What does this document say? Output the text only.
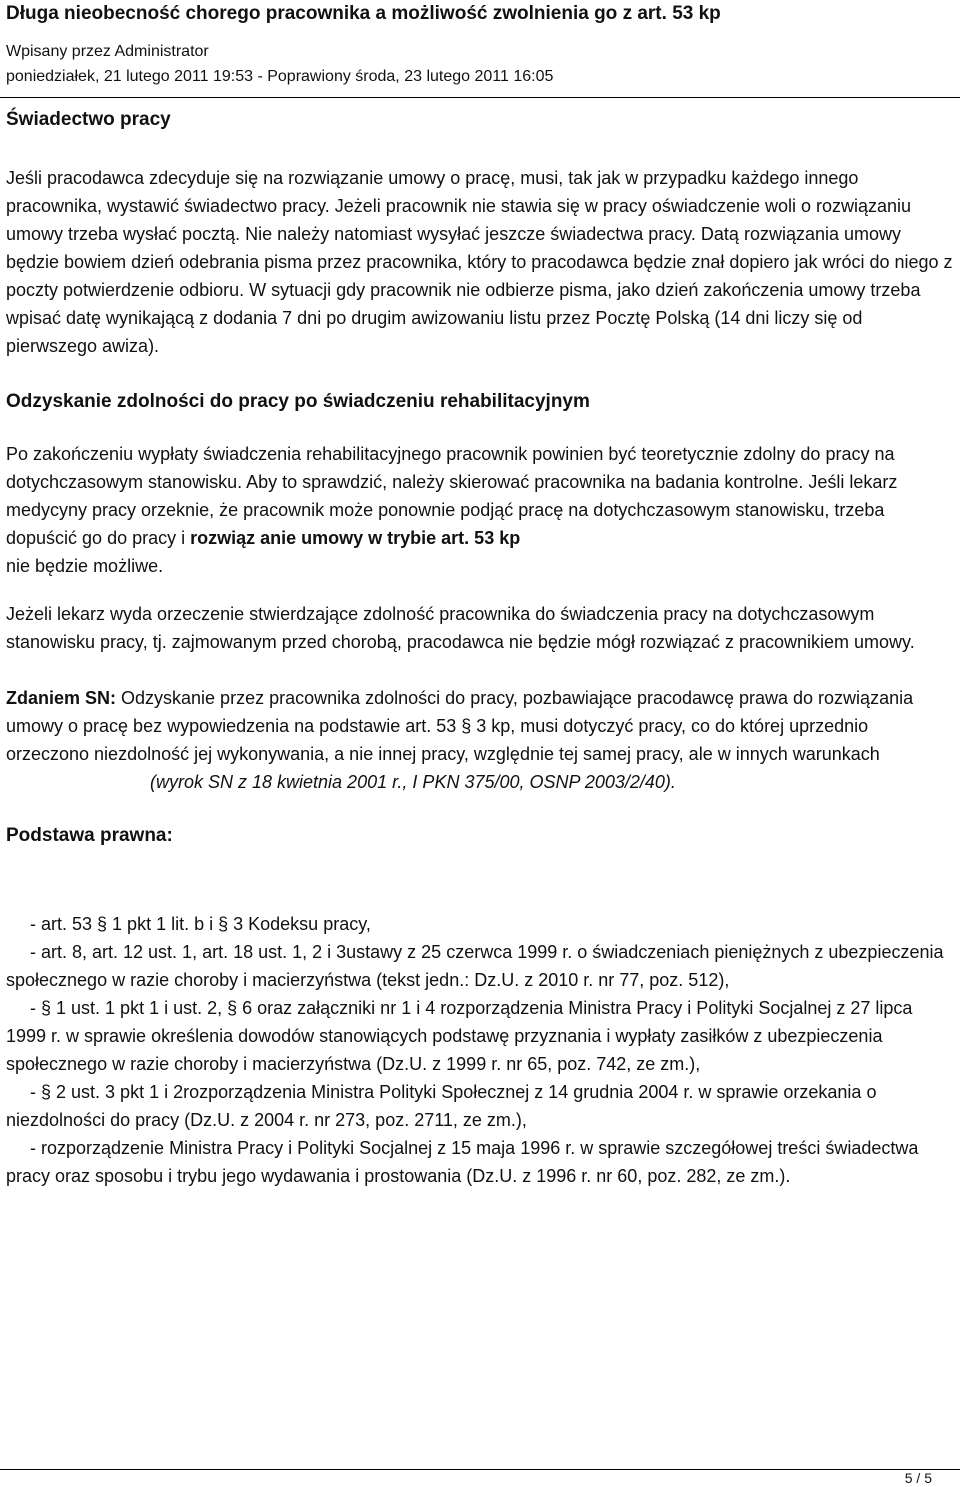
Długa nieobecność chorego pracownika a możliwość zwolnienia go z art. 53 kp
Wpisany przez Administrator
poniedziałek, 21 lutego 2011 19:53 - Poprawiony środa, 23 lutego 2011 16:05
Świadectwo pracy

Jeśli pracodawca zdecyduje się na rozwiązanie umowy o pracę, musi, tak jak w przypadku każdego innego pracownika, wystawić świadectwo pracy. Jeżeli pracownik nie stawia się w pracy oświadczenie woli o rozwiązaniu umowy trzeba wysłać pocztą. Nie należy natomiast wysyłać jeszcze świadectwa pracy. Datą rozwiązania umowy będzie bowiem dzień odebrania pisma przez pracownika, który to pracodawca będzie znał dopiero jak wróci do niego z poczty potwierdzenie odbioru. W sytuacji gdy pracownik nie odbierze pisma, jako dzień zakończenia umowy trzeba wpisać datę wynikającą z dodania 7 dni po drugim awizowaniu listu przez Pocztę Polską (14 dni liczy się od pierwszego awiza).

Odzyskanie zdolności do pracy po świadczeniu rehabilitacyjnym

Po zakończeniu wypłaty świadczenia rehabilitacyjnego pracownik powinien być teoretycznie zdolny do pracy na dotychczasowym stanowisku. Aby to sprawdzić, należy skierować pracownika na badania kontrolne. Jeśli lekarz medycyny pracy orzeknie, że pracownik może ponownie podjąć pracę na dotychczasowym stanowisku, trzeba dopuścić go do pracy i rozwiąz anie umowy w trybie art. 53 kp
nie będzie możliwe.

Jeżeli lekarz wyda orzeczenie stwierdzające zdolność pracownika do świadczenia pracy na dotychczasowym stanowisku pracy, tj. zajmowanym przed chorobą, pracodawca nie będzie mógł rozwiązać z pracownikiem umowy.

Zdaniem SN: Odzyskanie przez pracownika zdolności do pracy, pozbawiające pracodawcę prawa do rozwiązania umowy o pracę bez wypowiedzenia na podstawie art. 53 § 3 kp, musi dotyczyć pracy, co do której uprzednio orzeczono niezdolność jej wykonywania, a nie innej pracy, względnie tej samej pracy, ale w innych warunkach(wyrok SN z 18 kwietnia 2001 r., I PKN 375/00, OSNP 2003/2/40).

Podstawa prawna:

- art. 53 § 1 pkt 1 lit. b i § 3 Kodeksu pracy,

- art. 8, art. 12 ust. 1, art. 18 ust. 1, 2 i 3ustawy z 25 czerwca 1999 r. o świadczeniach pieniężnych z ubezpieczenia społecznego w razie choroby i macierzyństwa (tekst jedn.: Dz.U. z 2010 r. nr 77, poz. 512),

- § 1 ust. 1 pkt 1 i ust. 2, § 6 oraz załączniki nr 1 i 4 rozporządzenia Ministra Pracy i Polityki Socjalnej z 27 lipca 1999 r. w sprawie określenia dowodów stanowiących podstawę przyznania i wypłaty zasiłków z ubezpieczenia społecznego w razie choroby i macierzyństwa (Dz.U. z 1999 r. nr 65, poz. 742, ze zm.),

- § 2 ust. 3 pkt 1 i 2rozporządzenia Ministra Polityki Społecznej z 14 grudnia 2004 r. w sprawie orzekania o niezdolności do pracy (Dz.U. z 2004 r. nr 273, poz. 2711, ze zm.),

- rozporządzenie Ministra Pracy i Polityki Socjalnej z 15 maja 1996 r. w sprawie szczegółowej treści świadectwa pracy oraz sposobu i trybu jego wydawania i prostowania (Dz.U. z 1996 r. nr 60, poz. 282, ze zm.).

5 / 5
